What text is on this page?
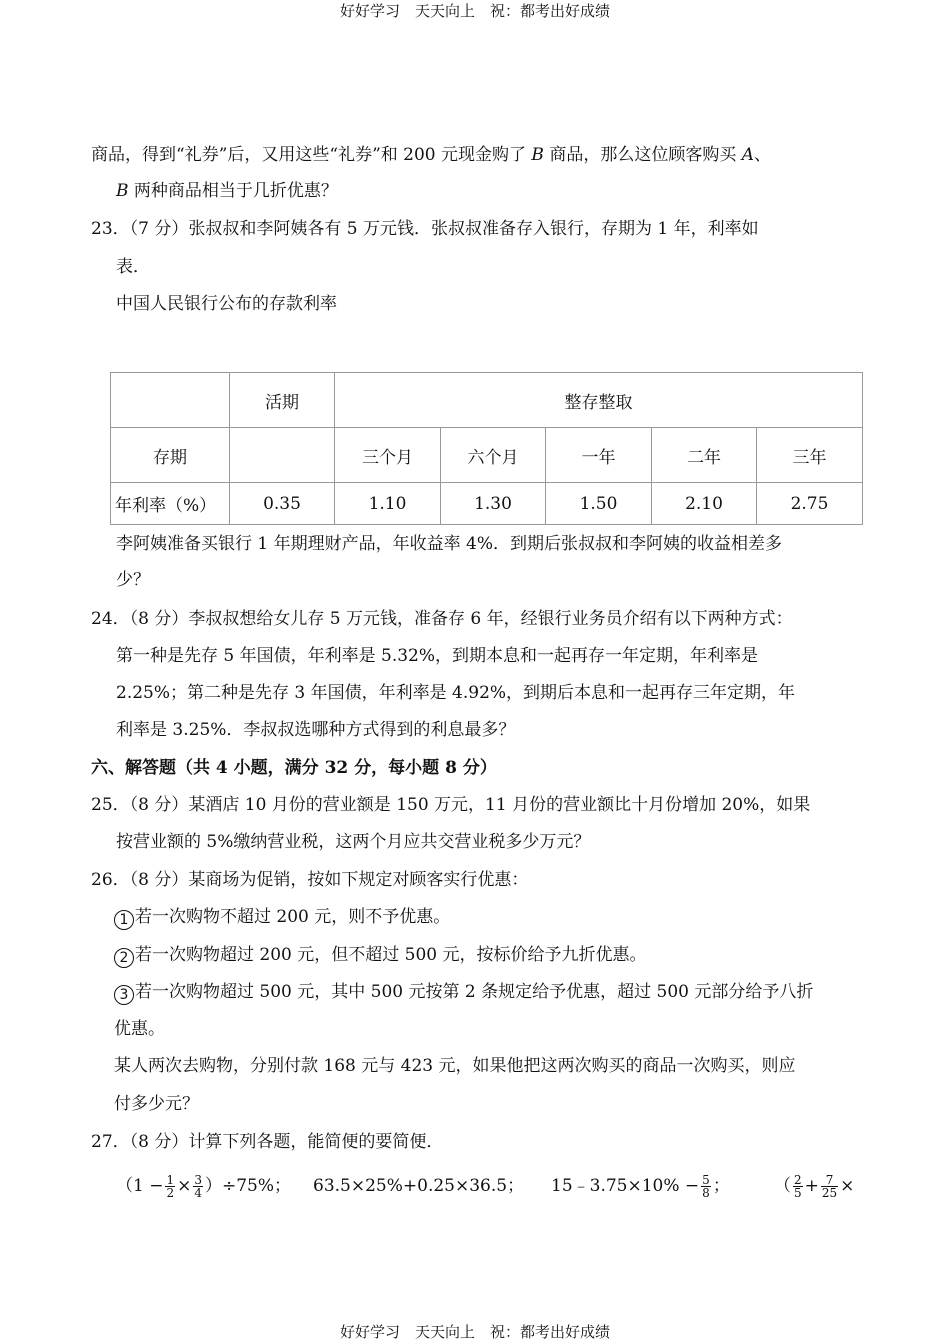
好好学习　天天向上　祝：都考出好成绩
商品，得到“礼券”后，又用这些“礼券”和 200 元现金购了 B 商品，那么这位顾客购买 A、
B 两种商品相当于几折优惠？
23．（7 分）张叔叔和李阿姨各有 5 万元钱．张叔叔准备存入银行，存期为 1 年，利率如
表．
中国人民银行公布的存款利率
	活期	整存整取				
存期		三个月	六个月	一年	二年	三年
年利率（%）	0.35	1.10	1.30	1.50	2.10	2.75
李阿姨准备买银行 1 年期理财产品，年收益率 4%．到期后张叔叔和李阿姨的收益相差多
少？
24．（8 分）李叔叔想给女儿存 5 万元钱，准备存 6 年，经银行业务员介绍有以下两种方式：
第一种是先存 5 年国债，年利率是 5.32%，到期本息和一起再存一年定期，年利率是
2.25%；第二种是先存 3 年国债，年利率是 4.92%，到期后本息和一起再存三年定期，年
利率是 3.25%．李叔叔选哪种方式得到的利息最多？
六、解答题（共 4 小题，满分 32 分，每小题 8 分）
25．（8 分）某酒店 10 月份的营业额是 150 万元，11 月份的营业额比十月份增加 20%，如果
按营业额的 5%缴纳营业税，这两个月应共交营业税多少万元？
26．（8 分）某商场为促销，按如下规定对顾客实行优惠：
1 若一次购物不超过 200 元，则不予优惠。
2 若一次购物超过 200 元，但不超过 500 元，按标价给予九折优惠。
3 若一次购物超过 500 元，其中 500 元按第 2 条规定给予优惠，超过 500 元部分给予八折
优惠。
某人两次去购物，分别付款 168 元与 423 元，如果他把这两次购买的商品一次购买，则应
付多少元？
27．（8 分）计算下列各题，能简便的要简便．
$(1 - \frac{1}{2} \times \frac{3}{4} )\div 75\%$； 63.5×25%+0.25×36.5； 15﹣3.75×10% − $\frac{5}{8}$ ；	（ $\frac{2}{5} + \frac{7}{25}$ ×
好好学习　天天向上　祝：都考出好成绩
